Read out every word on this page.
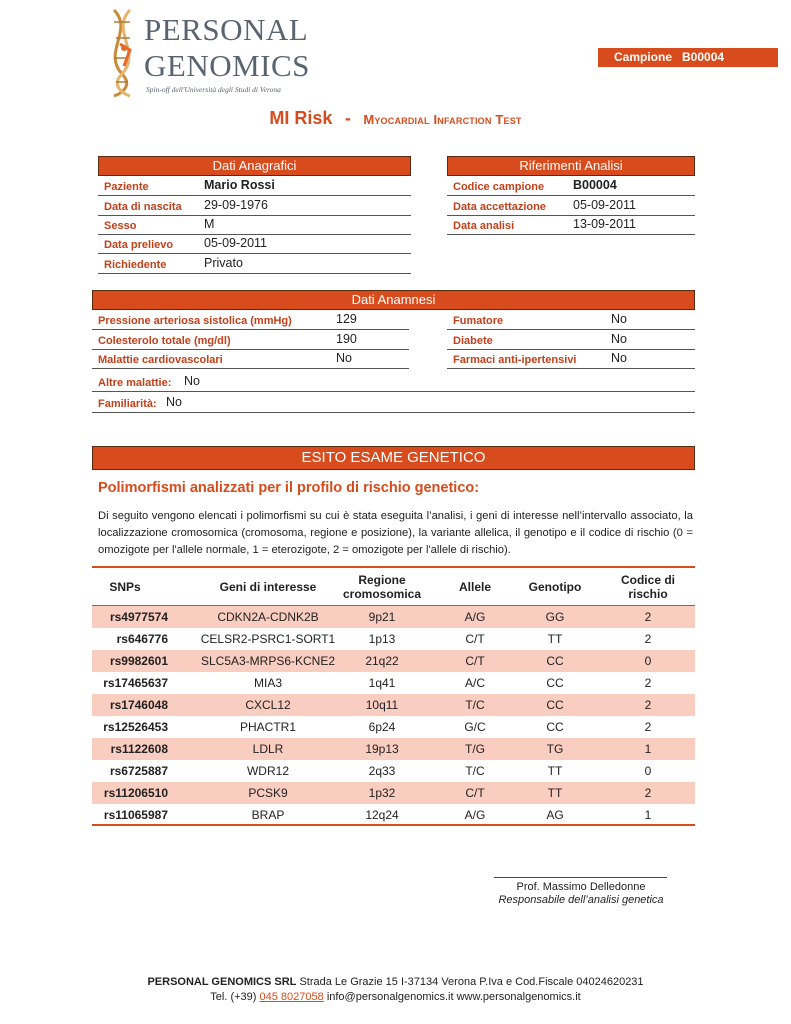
PERSONAL
GENOMICS
Spin-off dell'Università degli Studi di Verona
Campione   B00004
MI Risk - Myocardial Infarction Test
Dati Anagrafici
Paziente	Mario Rossi
Data di nascita 29-09-1976
Sesso	M
Data prelievo 05-09-2011
Richiedente	Privato
Riferimenti Analisi
Codice campione B00004
Data accettazione 05-09-2011
Data analisi	13-09-2011
Dati Anamnesi
Pressione arteriosa sistolica (mmHg)	129
Colesterolo totale (mg/dl)	190
Malattie cardiovascolari	No
Fumatore	No
Diabete	No
Farmaci anti-ipertensivi	No
Altre malattie: No
Familiarità: No
ESITO ESAME GENETICO
Polimorfismi analizzati per il profilo di rischio genetico:
Di seguito vengono elencati i polimorfismi su cui è stata eseguita l’analisi, i geni di interesse nell’intervallo associato, la localizzazione cromosomica (cromosoma, regione e posizione), la variante allelica, il genotipo e il codice di rischio (0 = omozigote per l'allele normale, 1 = eterozigote, 2 = omozigote per l'allele di rischio).
SNPs	Geni di interesse	Regione cromosomica	Allele	Genotipo	Codice di rischio
rs4977574	CDKN2A-CDNK2B	9p21	A/G	GG	2
rs646776	CELSR2-PSRC1-SORT1	1p13	C/T	TT	2
rs9982601	SLC5A3-MRPS6-KCNE2	21q22	C/T	CC	0
rs17465637	MIA3	1q41	A/C	CC	2
rs1746048	CXCL12	10q11	T/C	CC	2
rs12526453	PHACTR1	6p24	G/C	CC	2
rs1122608	LDLR	19p13	T/G	TG	1
rs6725887	WDR12	2q33	T/C	TT	0
rs11206510	PCSK9	1p32	C/T	TT	2
rs11065987	BRAP	12q24	A/G	AG	1
Prof. Massimo Delledonne
Responsabile dell’analisi genetica
PERSONAL GENOMICS SRL Strada Le Grazie 15 I-37134 Verona P.Iva e Cod.Fiscale 04024620231
Tel. (+39) 045 8027058 info@personalgenomics.it www.personalgenomics.it
